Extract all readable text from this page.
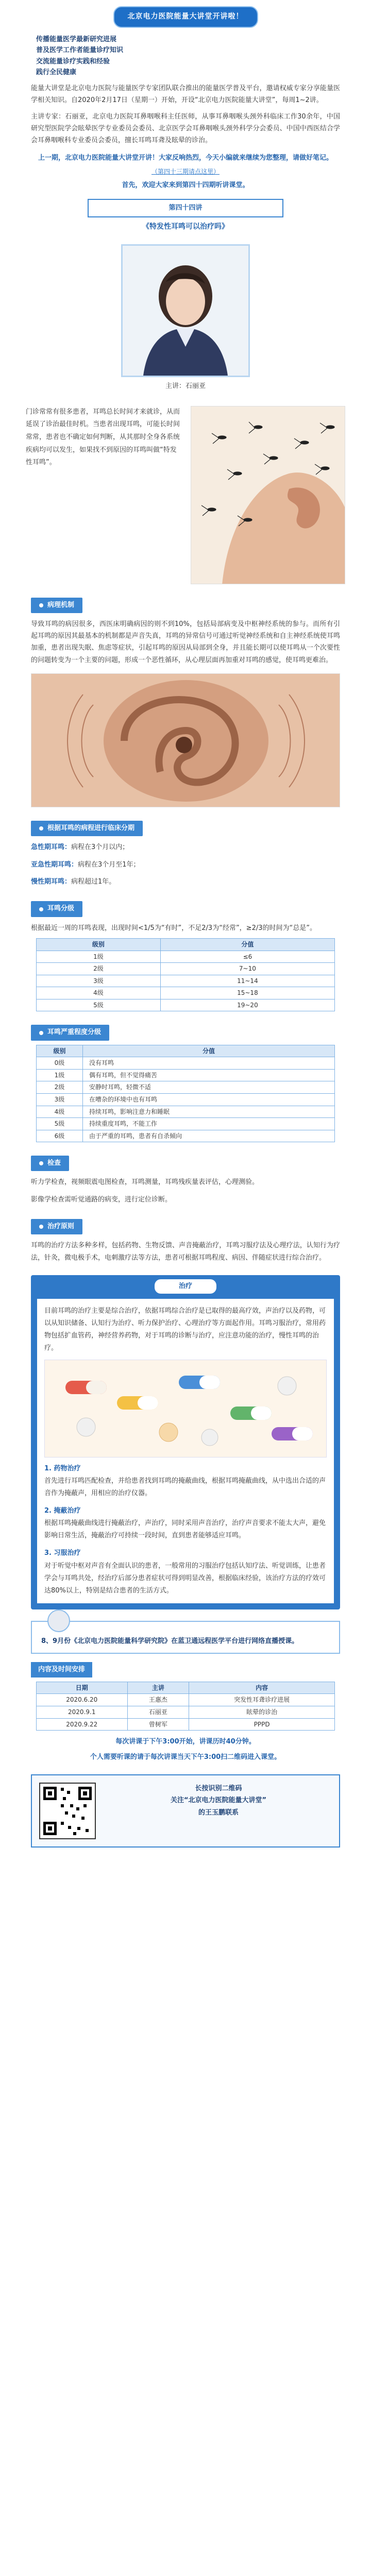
北京电力医院能量大讲堂开讲啦！
传播能量医学最新研究进展
普及医学工作者能量诊疗知识
交流能量诊疗实践和经验
践行全民健康
能量大讲堂是北京电力医院与能量医学专家团队联合推出的能量医学普及平台，邀请权威专家分享能量医学相关知识。自2020年2月17日（星期一）开始，开设“北京电力医院能量大讲堂”，每周1~2讲。
主讲专家：石丽亚，北京电力医院耳鼻咽喉科主任医师，从事耳鼻咽喉头颈外科临床工作30余年，中国研究型医院学会眩晕医学专业委员会委员、北京医学会耳鼻咽喉头颈外科学分会委员、中国中西医结合学会耳鼻咽喉科专业委员会委员，擅长耳鸣耳聋及眩晕的诊治。
上一期，北京电力医院能量大讲堂开讲！大家反响热烈，今天小编就来继续为您整理，请做好笔记。
（第四十三期请点这里）
首先，欢迎大家来到第四十四期听讲课堂。
第四十四讲
《特发性耳鸣可以治疗吗》
主讲：石丽亚
门诊常常有很多患者，耳鸣总长时间才来就诊，从而延误了诊治最佳时机。当患者出现耳鸣，可能长时间常常，患者也不确定如何判断，从其那时全身各系统疾病均可以发生，如果找不到原因的耳鸣叫做“特发性耳鸣”。
病理机制
导致耳鸣的病因很多，西医床明确病因的则不到10%，包括局部病变及中枢神经系统的参与。而所有引起耳鸣的原因其最基本的机制都是声音失真，耳鸣的异常信号可通过听觉神经系统和自主神经系统使耳鸣加重，患者出现失眠、焦虑等症状，引起耳鸣的原因从局部到全身，并且能长期可以使耳鸣从一个次要性的问题转变为一个主要的问题，形成一个恶性循环，从心理层面再加重对耳鸣的感觉，使耳鸣更难治。
根据耳鸣的病程进行临床分期
急性期耳鸣：病程在3个月以内；
亚急性期耳鸣：病程在3个月至1年；
慢性期耳鸣：病程超过1年。
耳鸣分级
根据最近一周的耳鸣表现，出现时间<1/5为“有时”，不足2/3为“经常”，≥2/3的时间为“总是”。
级别	分值
1级	≤6
2级	7~10
3级	11~14
4级	15~18
5级	19~20
耳鸣严重程度分级
级别	分值
0级	没有耳鸣
1级	偶有耳鸣，但不觉得痛苦
2级	安静时耳鸣，轻微不适
3级	在嘈杂的环境中也有耳鸣
4级	持续耳鸣，影响注意力和睡眠
5级	持续重度耳鸣，不能工作
6级	由于严重的耳鸣，患者有自杀倾向
检查
听力学检查，视频眼震电图检查，耳鸣测量，耳鸣残疾量表评估，心理测验。
影像学检查需听觉通路的病变，进行定位诊断。
治疗原则
耳鸣的治疗方法多种多样，包括药物、生物反馈、声音掩蔽治疗，耳鸣习服疗法及心理疗法，认知行为疗法，针灸，微电极手术，电刺激疗法等方法，患者可根据耳鸣程度、病因、伴随症状进行综合治疗。
治疗
目前耳鸣的治疗主要是综合治疗，依据耳鸣综合治疗是已取得的最高疗效，声治疗以及药物，可以从知识储备、认知行为治疗、听力保护治疗、心理治疗等方面起作用。耳鸣习服治疗，常用药物包括扩血管药，神经营养药物，对于耳鸣的诊断与治疗，应注意功能的治疗，慢性耳鸣的治疗。
1. 药物治疗
首先进行耳鸣匹配检查，并给患者找到耳鸣的掩蔽曲线，根据耳鸣掩蔽曲线，从中选出合适的声音作为掩蔽声，用相应的治疗仪器。
2. 掩蔽治疗
根据耳鸣掩蔽曲线进行掩蔽治疗，声治疗，同时采用声音治疗，治疗声音要求不能太大声，避免影响日常生活，掩蔽治疗可持续一段时间，直到患者能够适应耳鸣。
3. 习服治疗
对于听觉中枢对声音有全面认识的患者，一般常用的习服治疗包括认知疗法、听觉训练，让患者学会与耳鸣共处，经治疗后部分患者症状可得到明显改善，根据临床经验，该治疗方法的疗效可达80%以上，特别是结合患者的生活方式。
8、9月份《北京电力医院能量科学研究院》在蓝卫通远程医学平台进行网络直播授课。
内容及时间安排
日期	主讲	内容
2020.6.20	王惠杰	突发性耳聋诊疗进展
2020.9.1	石丽亚	眩晕的诊治
2020.9.22	曾树军	PPPD
每次讲课于下午3:00开始，讲课历时40分钟。
个人需要听课的请于每次讲课当天下午3:00扫二维码进入课堂。
长按识别二维码
关注“北京电力医院能量大讲堂”
的王玉鹏联系
